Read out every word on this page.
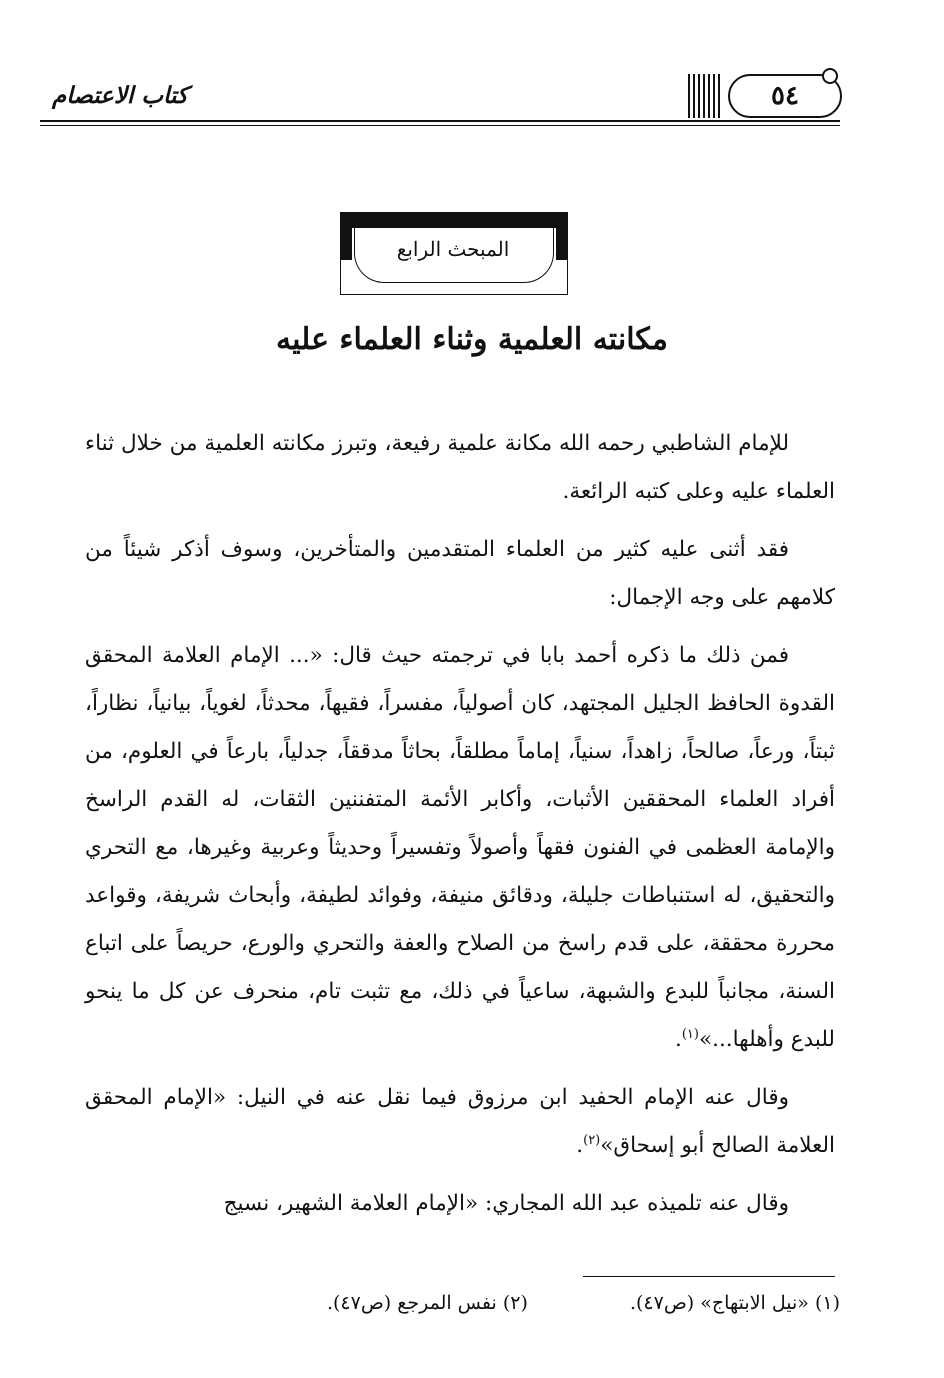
كتاب الاعتصام	٥٤
المبحث الرابع
مكانته العلمية وثناء العلماء عليه

للإمام الشاطبي رحمه الله مكانة علمية رفيعة، وتبرز مكانته العلمية من خلال ثناء العلماء عليه وعلى كتبه الرائعة.

فقد أثنى عليه كثير من العلماء المتقدمين والمتأخرين، وسوف أذكر شيئاً من كلامهم على وجه الإجمال:

فمن ذلك ما ذكره أحمد بابا في ترجمته حيث قال: «... الإمام العلامة المحقق القدوة الحافظ الجليل المجتهد، كان أصولياً، مفسراً، فقيهاً، محدثاً، لغوياً، بيانياً، نظاراً، ثبتاً، ورعاً، صالحاً، زاهداً، سنياً، إماماً مطلقاً، بحاثاً مدققاً، جدلياً، بارعاً في العلوم، من أفراد العلماء المحققين الأثبات، وأكابر الأئمة المتفننين الثقات، له القدم الراسخ والإمامة العظمى في الفنون فقهاً وأصولاً وتفسيراً وحديثاً وعربية وغيرها، مع التحري والتحقيق، له استنباطات جليلة، ودقائق منيفة، وفوائد لطيفة، وأبحاث شريفة، وقواعد محررة محققة، على قدم راسخ من الصلاح والعفة والتحري والورع، حريصاً على اتباع السنة، مجانباً للبدع والشبهة، ساعياً في ذلك، مع تثبت تام، منحرف عن كل ما ينحو للبدع وأهلها...»$^{(١)}$.

وقال عنه الإمام الحفيد ابن مرزوق فيما نقل عنه في النيل: «الإمام المحقق العلامة الصالح أبو إسحاق»$^{(٢)}$.

وقال عنه تلميذه عبد الله المجاري: «الإمام العلامة الشهير، نسيج

(١) «نيل الابتهاج» (ص٤٧). (٢) نفس المرجع (ص٤٧).
